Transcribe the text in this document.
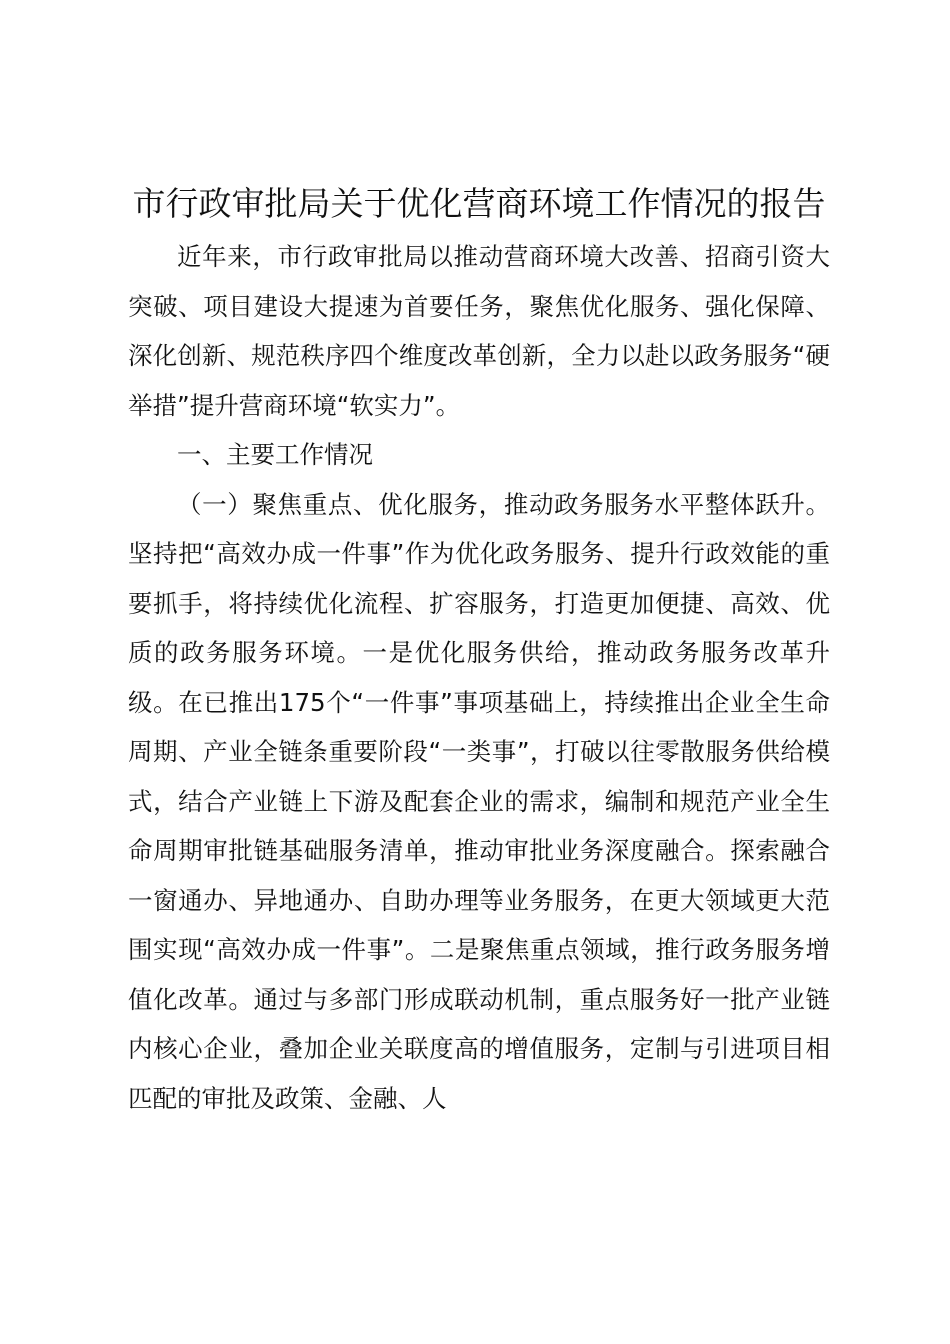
市行政审批局关于优化营商环境工作情况的报告

近年来，市行政审批局以推动营商环境大改善、招商引资大突破、项目建设大提速为首要任务，聚焦优化服务、强化保障、深化创新、规范秩序四个维度改革创新，全力以赴以政务服务“硬举措”提升营商环境“软实力”。

一、主要工作情况

（一）聚焦重点、优化服务，推动政务服务水平整体跃升。坚持把“高效办成一件事”作为优化政务服务、提升行政效能的重要抓手，将持续优化流程、扩容服务，打造更加便捷、高效、优质的政务服务环境。一是优化服务供给，推动政务服务改革升级。在已推出175个“一件事”事项基础上，持续推出企业全生命周期、产业全链条重要阶段“一类事”，打破以往零散服务供给模式，结合产业链上下游及配套企业的需求，编制和规范产业全生命周期审批链基础服务清单，推动审批业务深度融合。探索融合一窗通办、异地通办、自助办理等业务服务，在更大领域更大范围实现“高效办成一件事”。二是聚焦重点领域，推行政务服务增值化改革。通过与多部门形成联动机制，重点服务好一批产业链内核心企业，叠加企业关联度高的增值服务，定制与引进项目相匹配的审批及政策、金融、人
